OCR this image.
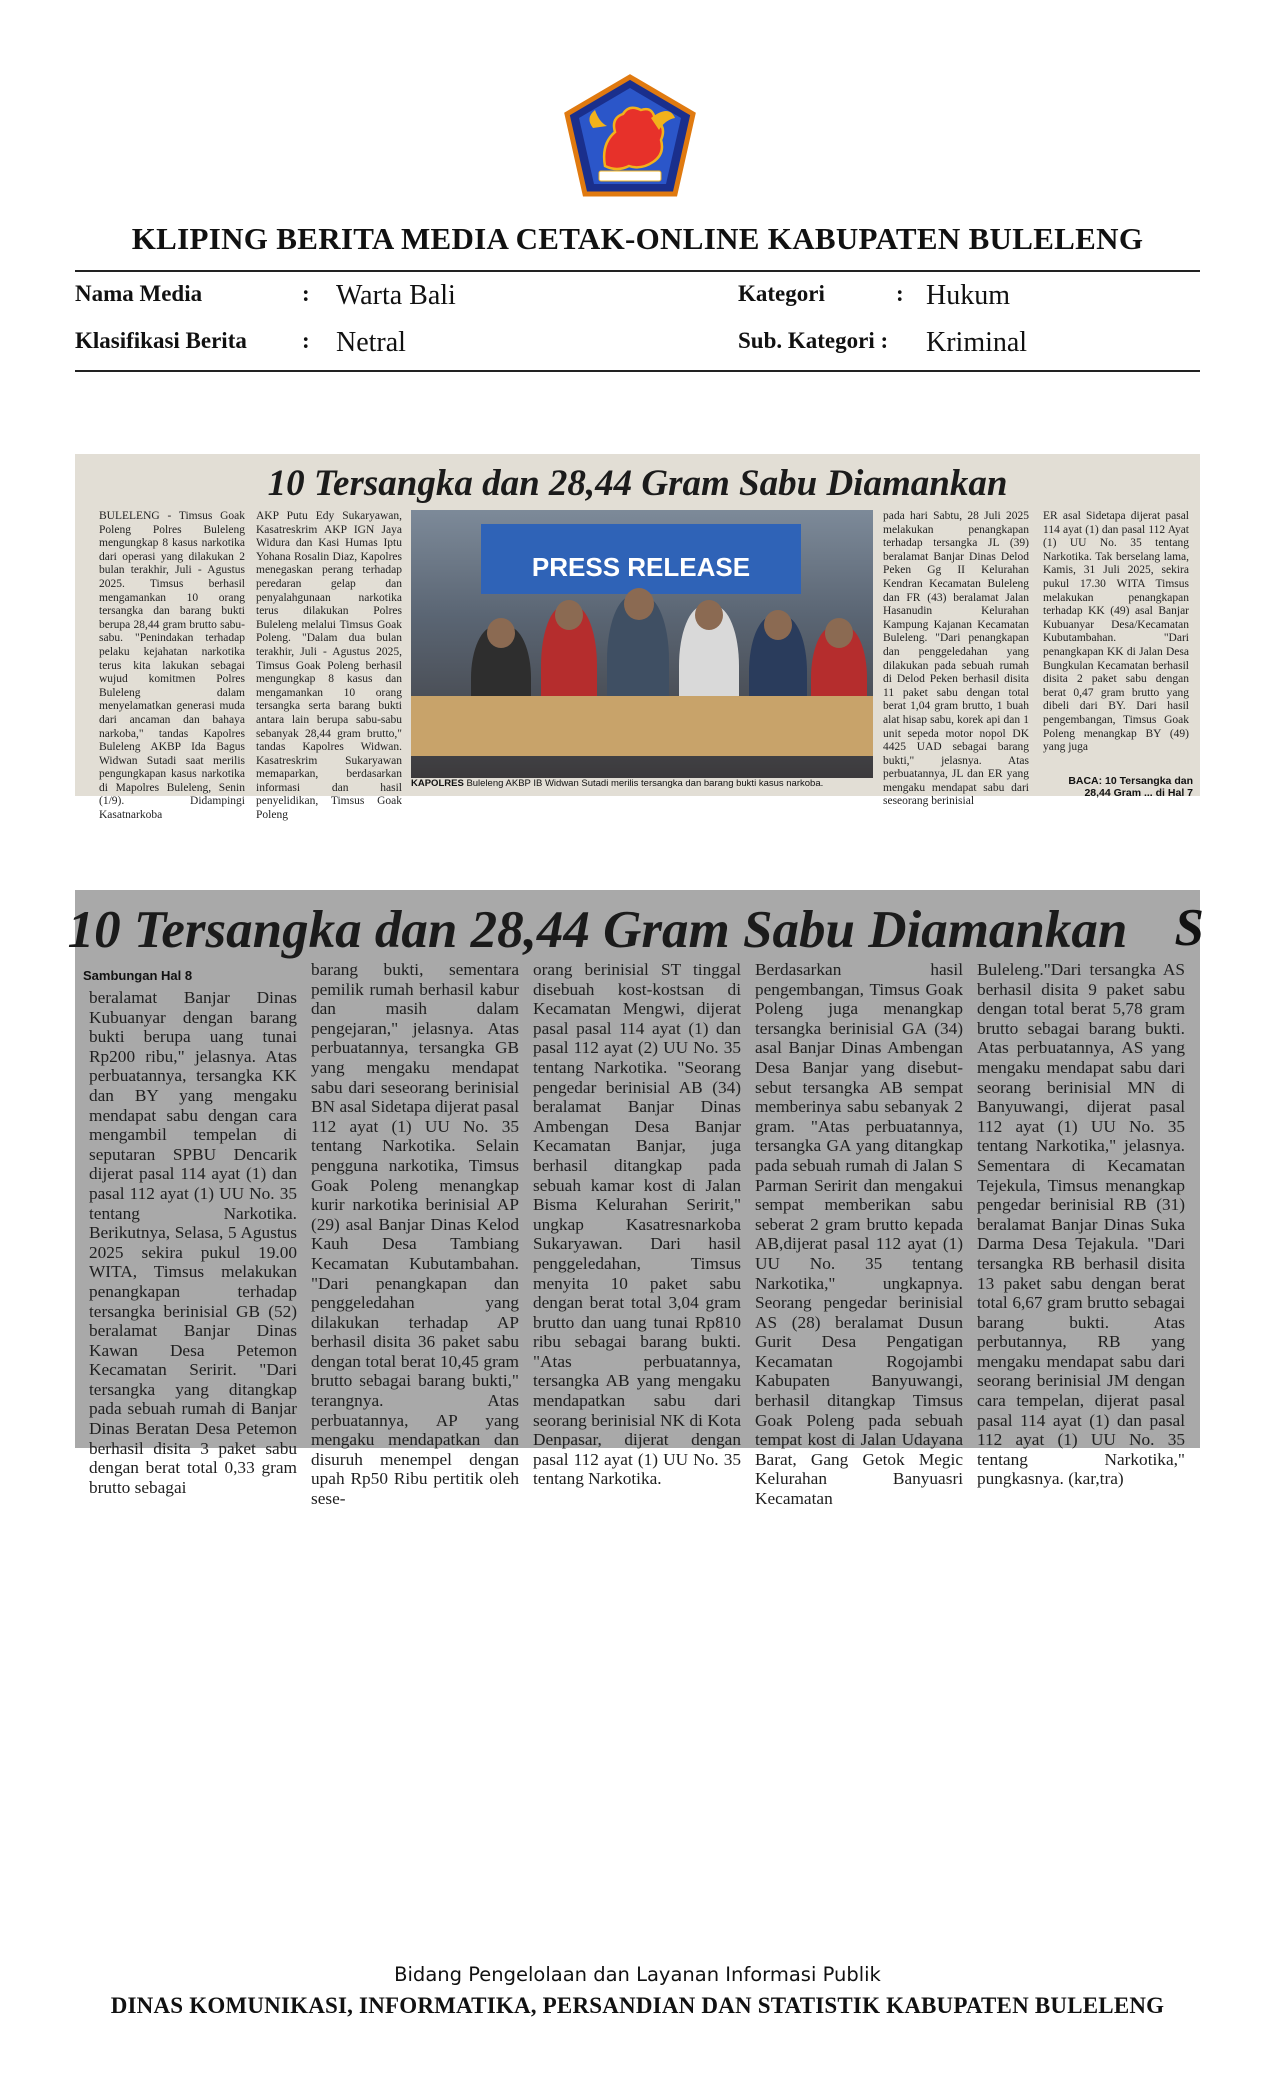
KLIPING BERITA MEDIA CETAK-ONLINE KABUPATEN BULELENG
Nama Media	: Warta Bali	Kategori	: Hukum
Klasifikasi Berita : Netral	Sub. Kategori : Kriminal
10 Tersangka dan 28,44 Gram Sabu Diamankan
BULELENG - Timsus Goak Poleng Polres Buleleng mengungkap 8 kasus narkotika dari operasi yang dilakukan 2 bulan terakhir, Juli - Agustus 2025. Timsus berhasil mengamankan 10 orang tersangka dan barang bukti berupa 28,44 gram brutto sabu-sabu. "Penindakan terhadap pelaku kejahatan narkotika terus kita lakukan sebagai wujud komitmen Polres Buleleng dalam menyelamatkan generasi muda dari ancaman dan bahaya narkoba," tandas Kapolres Buleleng AKBP Ida Bagus Widwan Sutadi saat merilis pengungkapan kasus narkotika di Mapolres Buleleng, Senin (1/9). Didampingi Kasatnarkoba
AKP Putu Edy Sukaryawan, Kasatreskrim AKP IGN Jaya Widura dan Kasi Humas Iptu Yohana Rosalin Diaz, Kapolres menegaskan perang terhadap peredaran gelap dan penyalahgunaan narkotika terus dilakukan Polres Buleleng melalui Timsus Goak Poleng. "Dalam dua bulan terakhir, Juli - Agustus 2025, Timsus Goak Poleng berhasil mengungkap 8 kasus dan mengamankan 10 orang tersangka serta barang bukti antara lain berupa sabu-sabu sebanyak 28,44 gram brutto," tandas Kapolres Widwan. Kasatreskrim Sukaryawan memaparkan, berdasarkan informasi dan hasil penyelidikan, Timsus Goak Poleng
PRESS RELEASE
KAPOLRES Buleleng AKBP IB Widwan Sutadi merilis tersangka dan barang bukti kasus narkoba.
pada hari Sabtu, 28 Juli 2025 melakukan penangkapan terhadap tersangka JL (39) beralamat Banjar Dinas Delod Peken Gg II Kelurahan Kendran Kecamatan Buleleng dan FR (43) beralamat Jalan Hasanudin Kelurahan Kampung Kajanan Kecamatan Buleleng. "Dari penangkapan dan penggeledahan yang dilakukan pada sebuah rumah di Delod Peken berhasil disita 11 paket sabu dengan total berat 1,04 gram brutto, 1 buah alat hisap sabu, korek api dan 1 unit sepeda motor nopol DK 4425 UAD sebagai barang bukti," jelasnya. Atas perbuatannya, JL dan ER yang mengaku mendapat sabu dari seseorang berinisial
ER asal Sidetapa dijerat pasal 114 ayat (1) dan pasal 112 Ayat (1) UU No. 35 tentang Narkotika. Tak berselang lama, Kamis, 31 Juli 2025, sekira pukul 17.30 WITA Timsus melakukan penangkapan terhadap KK (49) asal Banjar Kubuanyar Desa/Kecamatan Kubutambahan. "Dari penangkapan KK di Jalan Desa Bungkulan Kecamatan berhasil disita 2 paket sabu dengan berat 0,47 gram brutto yang dibeli dari BY. Dari hasil pengembangan, Timsus Goak Poleng menangkap BY (49) yang juga
BACA: 10 Tersangka dan 28,44 Gram ... di Hal 7
10 Tersangka dan 28,44 Gram Sabu Diamankan S
Sambungan Hal 8
beralamat Banjar Dinas Kubuanyar dengan barang bukti berupa uang tunai Rp200 ribu," jelasnya. Atas perbuatannya, tersangka KK dan BY yang mengaku mendapat sabu dengan cara mengambil tempelan di seputaran SPBU Dencarik dijerat pasal 114 ayat (1) dan pasal 112 ayat (1) UU No. 35 tentang Narkotika. Berikutnya, Selasa, 5 Agustus 2025 sekira pukul 19.00 WITA, Timsus melakukan penangkapan terhadap tersangka berinisial GB (52) beralamat Banjar Dinas Kawan Desa Petemon Kecamatan Seririt. "Dari tersangka yang ditangkap pada sebuah rumah di Banjar Dinas Beratan Desa Petemon berhasil disita 3 paket sabu dengan berat total 0,33 gram brutto sebagai
barang bukti, sementara pemilik rumah berhasil kabur dan masih dalam pengejaran," jelasnya. Atas perbuatannya, tersangka GB yang mengaku mendapat sabu dari seseorang berinisial BN asal Sidetapa dijerat pasal 112 ayat (1) UU No. 35 tentang Narkotika. Selain pengguna narkotika, Timsus Goak Poleng menangkap kurir narkotika berinisial AP (29) asal Banjar Dinas Kelod Kauh Desa Tambiang Kecamatan Kubutambahan. "Dari penangkapan dan penggeledahan yang dilakukan terhadap AP berhasil disita 36 paket sabu dengan total berat 10,45 gram brutto sebagai barang bukti," terangnya. Atas perbuatannya, AP yang mengaku mendapatkan dan disuruh menempel dengan upah Rp50 Ribu pertitik oleh sese-
orang berinisial ST tinggal disebuah kost-kostsan di Kecamatan Mengwi, dijerat pasal pasal 114 ayat (1) dan pasal 112 ayat (2) UU No. 35 tentang Narkotika. "Seorang pengedar berinisial AB (34) beralamat Banjar Dinas Ambengan Desa Banjar Kecamatan Banjar, juga berhasil ditangkap pada sebuah kamar kost di Jalan Bisma Kelurahan Seririt," ungkap Kasatresnarkoba Sukaryawan. Dari hasil penggeledahan, Timsus menyita 10 paket sabu dengan berat total 3,04 gram brutto dan uang tunai Rp810 ribu sebagai barang bukti. "Atas perbuatannya, tersangka AB yang mengaku mendapatkan sabu dari seorang berinisial NK di Kota Denpasar, dijerat dengan pasal 112 ayat (1) UU No. 35 tentang Narkotika.
Berdasarkan hasil pengembangan, Timsus Goak Poleng juga menangkap tersangka berinisial GA (34) asal Banjar Dinas Ambengan Desa Banjar yang disebut-sebut tersangka AB sempat memberinya sabu sebanyak 2 gram. "Atas perbuatannya, tersangka GA yang ditangkap pada sebuah rumah di Jalan S Parman Seririt dan mengakui sempat memberikan sabu seberat 2 gram brutto kepada AB,dijerat pasal 112 ayat (1) UU No. 35 tentang Narkotika," ungkapnya. Seorang pengedar berinisial AS (28) beralamat Dusun Gurit Desa Pengatigan Kecamatan Rogojambi Kabupaten Banyuwangi, berhasil ditangkap Timsus Goak Poleng pada sebuah tempat kost di Jalan Udayana Barat, Gang Getok Megic Kelurahan Banyuasri Kecamatan
Buleleng."Dari tersangka AS berhasil disita 9 paket sabu dengan total berat 5,78 gram brutto sebagai barang bukti. Atas perbuatannya, AS yang mengaku mendapat sabu dari seorang berinisial MN di Banyuwangi, dijerat pasal 112 ayat (1) UU No. 35 tentang Narkotika," jelasnya. Sementara di Kecamatan Tejekula, Timsus menangkap pengedar berinisial RB (31) beralamat Banjar Dinas Suka Darma Desa Tejakula. "Dari tersangka RB berhasil disita 13 paket sabu dengan berat total 6,67 gram brutto sebagai barang bukti. Atas perbutannya, RB yang mengaku mendapat sabu dari seorang berinisial JM dengan cara tempelan, dijerat pasal pasal 114 ayat (1) dan pasal 112 ayat (1) UU No. 35 tentang Narkotika," pungkasnya. (kar,tra)
Bidang Pengelolaan dan Layanan Informasi Publik
DINAS KOMUNIKASI, INFORMATIKA, PERSANDIAN DAN STATISTIK KABUPATEN BULELENG
